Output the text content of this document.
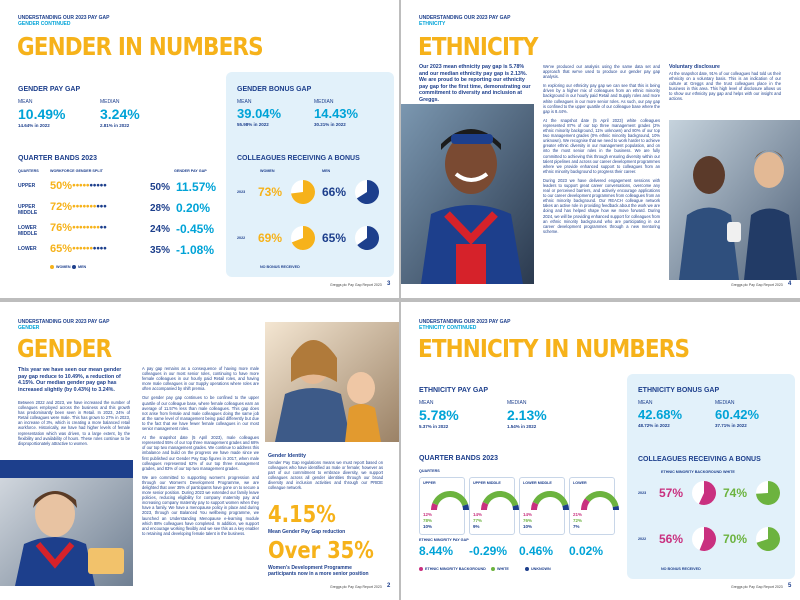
UNDERSTANDING OUR 2023 PAY GAP
GENDER CONTINUED
GENDER IN NUMBERS
GENDER PAY GAP
MEAN
10.49%
14.64% in 2022
MEDIAN
3.24%
2.81% in 2022
QUARTER BANDS 2023
QUARTERS	WORKFORCE GENDER SPLIT	GENDER PAY GAP
UPPER	50% ●●●●●●●●●●	50% 11.57%
UPPER MIDDLE	72% ●●●●●●●●●●	28% 0.20%
LOWER MIDDLE	76% ●●●●●●●●●●	24% -0.45%
LOWER	65% ●●●●●●●●●●	35% -1.08%
WOMEN	MEN
GENDER BONUS GAP
MEAN
39.04%
55.98% in 2022
MEDIAN
14.43%
30.21% in 2022
COLLEAGUES RECEIVING A BONUS
WOMEN	MEN
2023 73%	66%
2022 69%	65%
NO BONUS RECEIVED
Greggs plc Pay Gap Report 2023 3
UNDERSTANDING OUR 2023 PAY GAP
ETHNICITY
ETHNICITY
Our 2023 mean ethnicity pay gap is 5.78% and our median ethnicity pay gap is 2.13%. We are proud to be reporting our ethnicity pay gap for the first time, demonstrating our commitment to diversity and inclusion at Greggs.
We've produced our analysis using the same data set and approach that we've used to produce our gender pay gap analysis.
In exploring our ethnicity pay gap we can see that this is being driven by a higher mix of colleagues from an ethnic minority background in our hourly paid Retail and Supply roles and more white colleagues in our more senior roles. As such, our pay gap is confined to the upper quartile of our colleague base where the gap is 8.44%.
At the snapshot date (5 April 2023) white colleagues represented 87% of our top three management grades (2% ethnic minority background, 11% unknown) and 80% of our top two management grades (0% ethnic minority background, 10% unknown). We recognise that we need to work harder to achieve greater ethnic diversity in our management population, and on into the most senior roles in the business. We are fully committed to achieving this through ensuring diversity within our talent pipelines and across our career development programmes where we provide enhanced support to colleagues from an ethnic minority background to progress their career.
During 2023 we have delivered engagement sessions with leaders to support great career conversations, overcome any real or perceived barriers, and actively encourage applications to our career development programmes from colleagues from an ethnic minority background. Our REACH colleague network takes an active role in providing feedback about the work we are doing and has helped shape how we move forward. During 2024, we will be providing enhanced support for colleagues from an ethnic minority background who are participating in our career development programmes through a new mentoring scheme.
Voluntary disclosure
At the snapshot date, 91% of our colleagues had told us their ethnicity on a voluntary basis. This is an indication of our culture at Greggs and the trust colleagues place in the business in this area. This high level of disclosure allows us to show our ethnicity pay gap and helps with our insight and actions.
Greggs plc Pay Gap Report 2023 4
UNDERSTANDING OUR 2023 PAY GAP
GENDER
GENDER
This year we have seen our mean gender pay gap reduce to 10.49%, a reduction of 4.15%. Our median gender pay gap has increased slightly (by 0.43%) to 3.24%.
Between 2022 and 2023, we have increased the number of colleagues employed across the business and this growth has predominantly been seen in Retail. In 2023, 24% of Retail colleagues were male. This has grown to 27% in 2023, an increase of 3%, which is creating a more balanced retail workforce. Historically, we have had higher levels of female representation which was driven, to a large extent, by the flexibility and availability of hours. These roles continue to be disproportionately attractive to women.
A pay gap remains as a consequence of having more male colleagues in our most senior roles, continuing to have more female colleagues in our hourly paid Retail roles, and having more male colleagues in our Supply operations where roles are often accompanied by shift premia.
Our gender pay gap continues to be confined to the upper quartile of our colleague base, where female colleagues earn an average of 11.57% less than male colleagues. This gap does not arise from female and male colleagues doing the same job at the same level of management being paid differently but due to the fact that we have fewer female colleagues in our most senior management roles.
At the snapshot date (5 April 2023), male colleagues represented 55% of our top three management grades and 68% of our top two management grades. We continue to address this imbalance and build on the progress we have made since we first published our Gender Pay Gap figures in 2017, when male colleagues represented 62% of our top three management grades, and 83% of our top two management grades.
We are committed to supporting women's progression and through our Women's Development Programme, we are delighted that over 35% of participants have gone on to secure a more senior position. During 2023 we extended our family leave policies, reducing eligibility for company maternity pay and increasing company maternity pay to support women when they have a family. We have a menopause policy in place and during 2023, through our Balanced You wellbeing programme, we launched an Understanding Menopause e-learning module which 88% colleagues have completed. In addition, we support and encourage working flexibly and we see this as a key enabler to retaining and developing female talent in the business.
Gender Identity
Gender Pay Gap regulations means we must report based on colleagues who have identified as male or female; however as part of our commitment to embrace diversity, we support colleagues across all gender identities through our broad diversity and inclusion activities and through our PRIDE colleague network.
4.15%
Mean Gender Pay Gap reduction
Over 35%
Women's Development Programme participants now in a more senior position
Greggs plc Pay Gap Report 2023 2
UNDERSTANDING OUR 2023 PAY GAP
ETHNICITY CONTINUED
ETHNICITY IN NUMBERS
ETHNICITY PAY GAP
MEAN
5.78%
5.37% in 2022
MEDIAN
2.13%
1.54% in 2022
QUARTER BANDS 2023
QUARTERS
UPPER
12%
78%
10%
UPPER MIDDLE
14%
77%
9%
LOWER MIDDLE
14%
76%
10%
LOWER
21%
72%
7%
ETHNIC MINORITY PAY GAP
8.44% -0.29% 0.46% 0.02%
ETHNIC MINORITY BACKGROUND	WHITE	UNKNOWN
ETHNICITY BONUS GAP
MEAN
42.68%
48.72% in 2022
MEDIAN
60.42%
37.71% in 2022
COLLEAGUES RECEIVING A BONUS
ETHNIC MINORITY BACKGROUND WHITE
2023 57%	74%
2022 56%	70%
NO BONUS RECEIVED
Greggs plc Pay Gap Report 2023 5
